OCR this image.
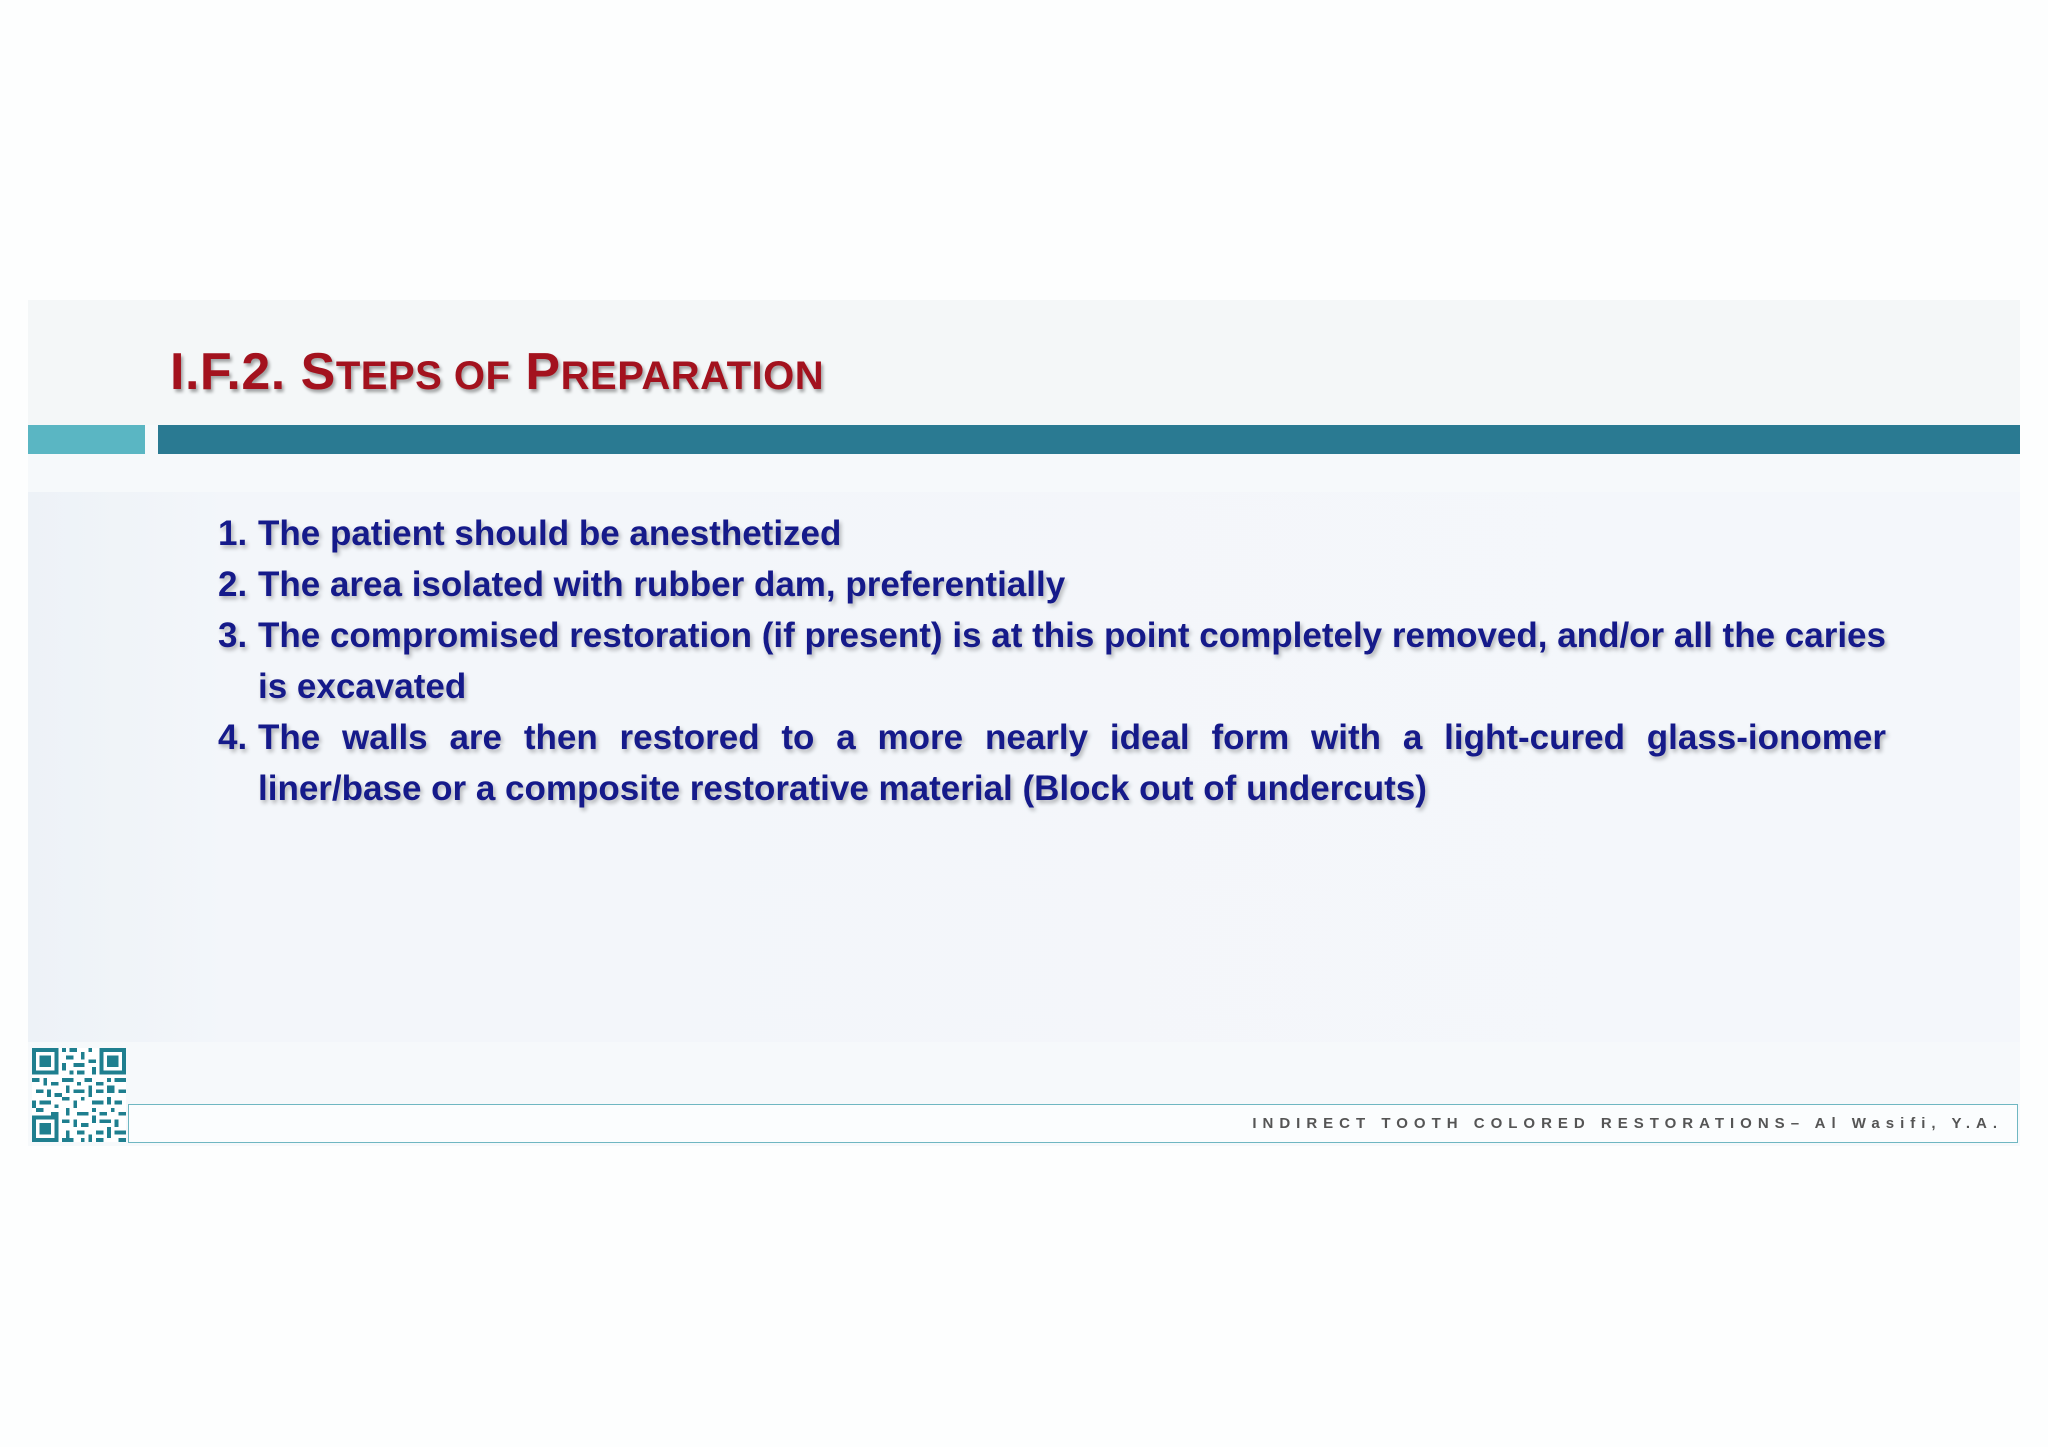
I.F.2. STEPS OF PREPARATION
1. The patient should be anesthetized
2. The area isolated with rubber dam, preferentially
3. The compromised restoration (if present) is at this point completely removed, and/or all the caries is excavated
4. The walls are then restored to a more nearly ideal form with a light-cured glass-ionomer liner/base or a composite restorative material (Block out of undercuts)
INDIRECT TOOTH COLORED RESTORATIONS– Al Wasifi, Y.A.
